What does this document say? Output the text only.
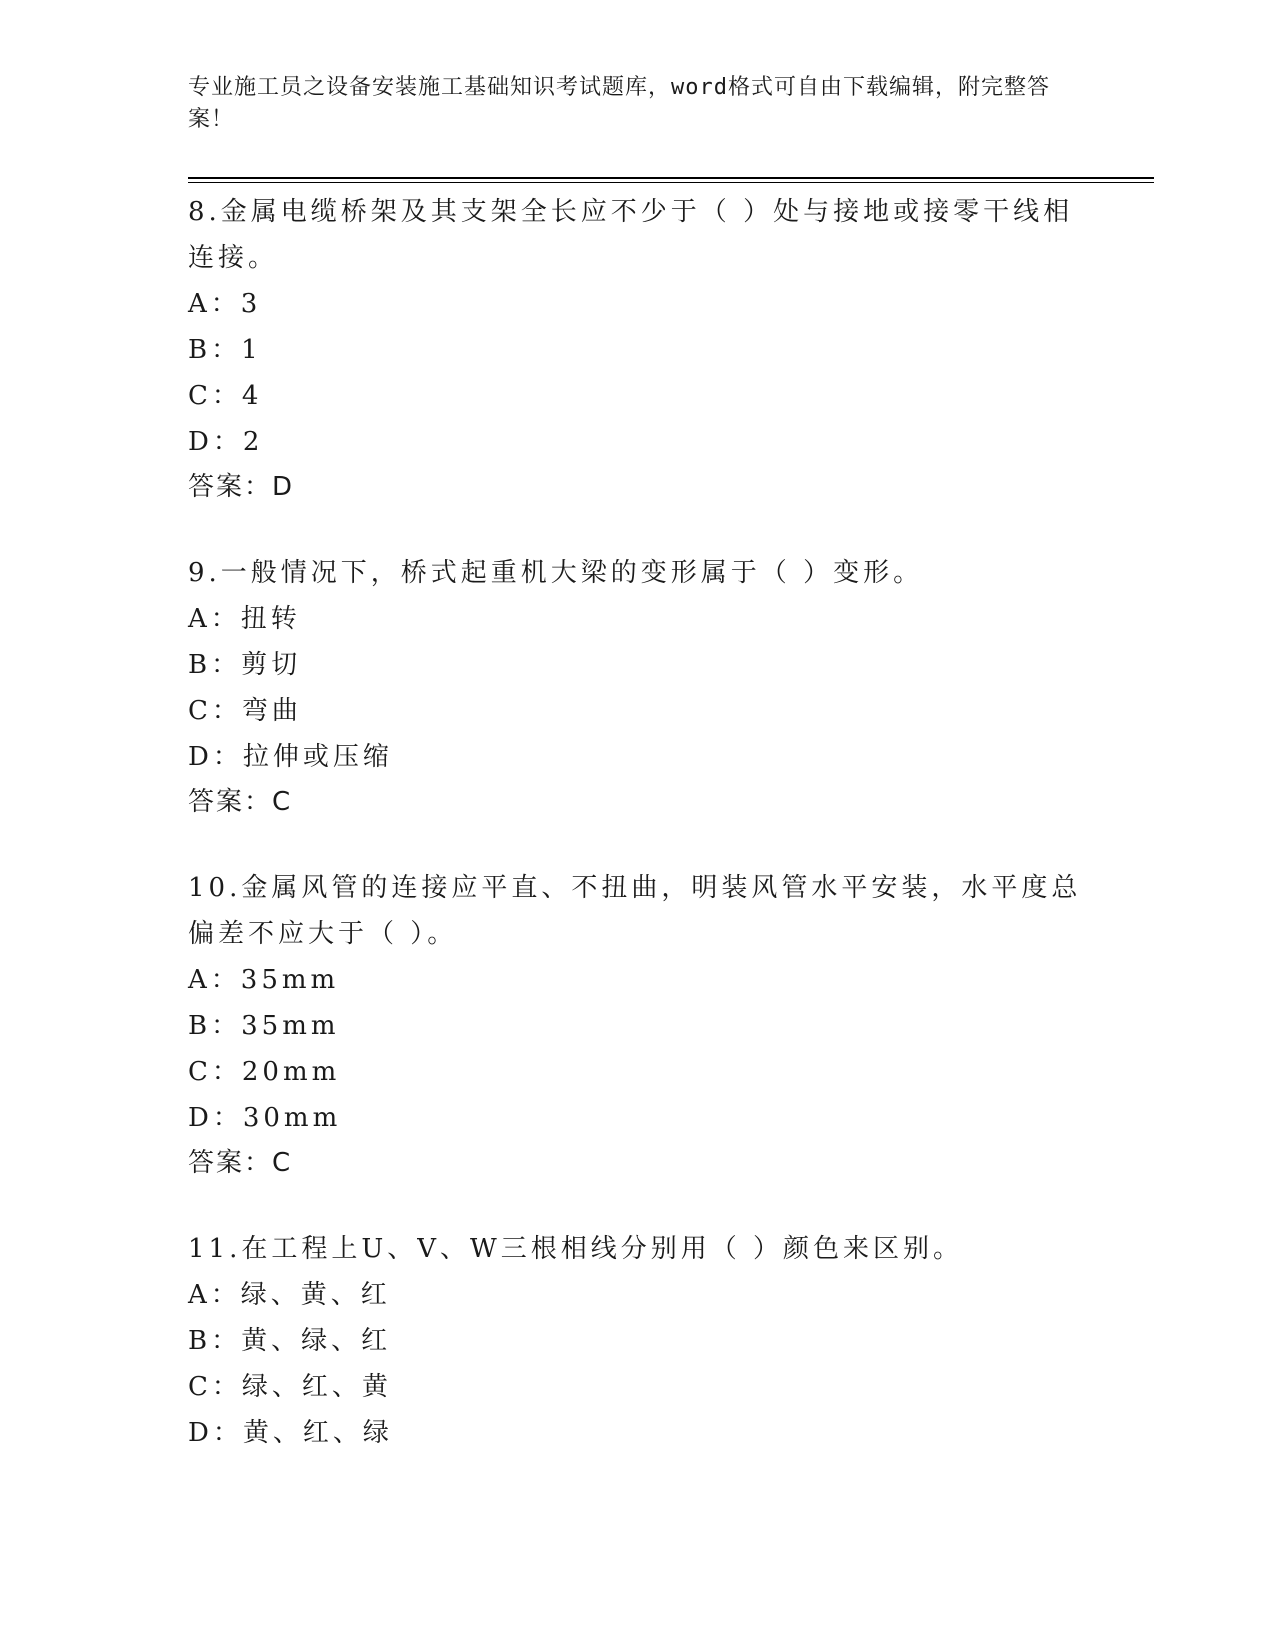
专业施工员之设备安装施工基础知识考试题库，word格式可自由下载编辑，附完整答案！
8.金属电缆桥架及其支架全长应不少于（ ）处与接地或接零干线相连接。
A：3
B：1
C：4
D：2
答案：D
9.一般情况下，桥式起重机大梁的变形属于（ ）变形。
A：扭转
B：剪切
C：弯曲
D：拉伸或压缩
答案：C
10.金属风管的连接应平直、不扭曲，明装风管水平安装，水平度总偏差不应大于（ ）。
A：35mm
B：35mm
C：20mm
D：30mm
答案：C
11.在工程上U、V、W三根相线分别用（ ）颜色来区别。
A：绿、黄、红
B：黄、绿、红
C：绿、红、黄
D：黄、红、绿
